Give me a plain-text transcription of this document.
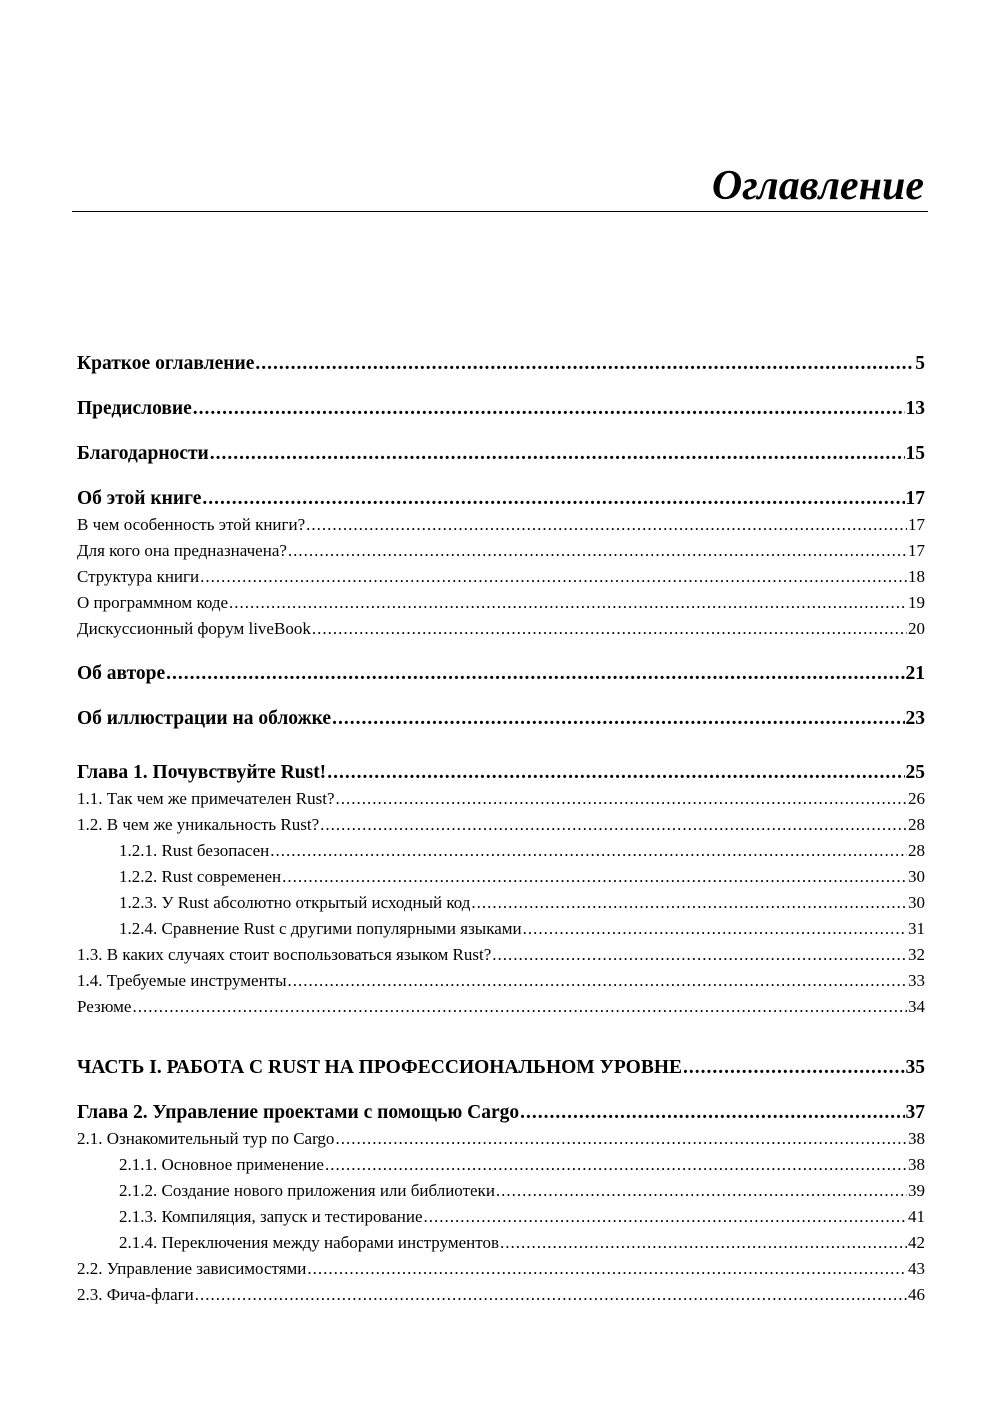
Оглавление
Краткое оглавление .....	5
Предисловие .....	13
Благодарности .....	15
Об этой книге .....	17
В чем особенность этой книги? .....	17
Для кого она предназначена? .....	17
Структура книги .....	18
О программном коде .....	19
Дискуссионный форум liveBook .....	20
Об авторе .....	21
Об иллюстрации на обложке .....	23
Глава 1. Почувствуйте Rust! .....	25
1.1. Так чем же примечателен Rust? .....	26
1.2. В чем же уникальность Rust? .....	28
1.2.1. Rust безопасен .....	28
1.2.2. Rust современен .....	30
1.2.3. У Rust абсолютно открытый исходный код .....	30
1.2.4. Сравнение Rust с другими популярными языками .....	31
1.3. В каких случаях стоит воспользоваться языком Rust? .....	32
1.4. Требуемые инструменты .....	33
Резюме .....	34
ЧАСТЬ I. РАБОТА С RUST НА ПРОФЕССИОНАЛЬНОМ УРОВНЕ .....	35
Глава 2. Управление проектами с помощью Cargo .....	37
2.1. Ознакомительный тур по Cargo .....	38
2.1.1. Основное применение .....	38
2.1.2. Создание нового приложения или библиотеки .....	39
2.1.3. Компиляция, запуск и тестирование .....	41
2.1.4. Переключения между наборами инструментов .....	42
2.2. Управление зависимостями .....	43
2.3. Фича-флаги .....	46
